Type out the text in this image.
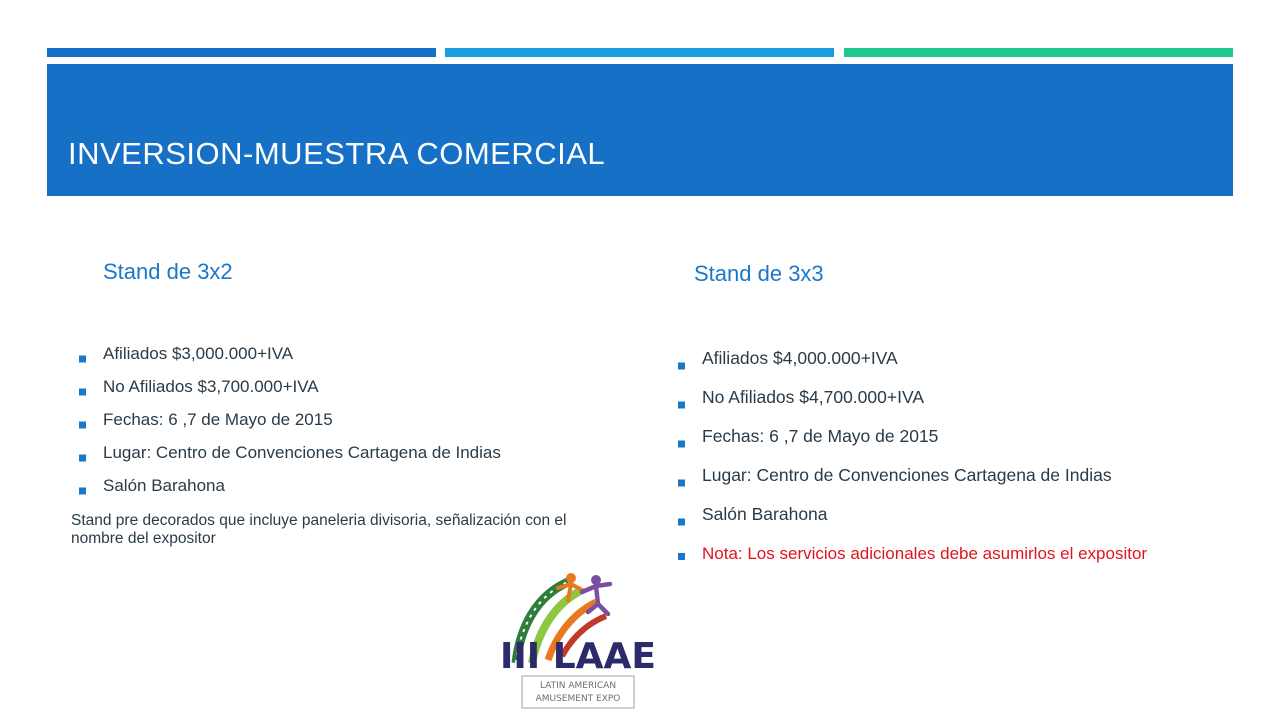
INVERSION-MUESTRA COMERCIAL
Stand de 3x2	Stand de 3x3
Afiliados $3,000.000+IVA
No Afiliados $3,700.000+IVA
Fechas: 6 ,7 de Mayo de 2015
Lugar: Centro de Convenciones Cartagena de Indias
Salón Barahona

Stand pre decorados que incluye paneleria divisoria, señalización con el nombre del expositor

Afiliados $4,000.000+IVA
No Afiliados $4,700.000+IVA
Fechas: 6 ,7 de Mayo de 2015
Lugar: Centro de Convenciones Cartagena de Indias
Salón Barahona
Nota: Los servicios adicionales debe asumirlos el expositor
III LAAE
LATIN AMERICAN
AMUSEMENT EXPO
